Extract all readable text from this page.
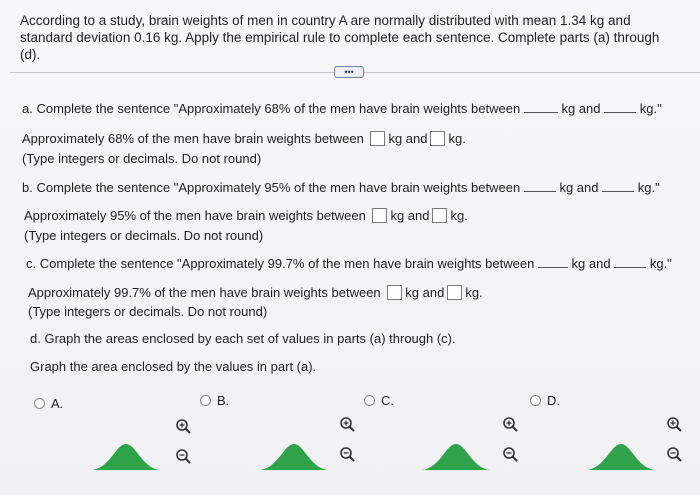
According to a study, brain weights of men in country A are normally distributed with mean 1.34 kg and standard deviation 0.16 kg. Apply the empirical rule to complete each sentence. Complete parts (a) through (d).
•••
a. Complete the sentence "Approximately 68% of the men have brain weights between	kg and	kg."
Approximately 68% of the men have brain weights between kg and kg.
(Type integers or decimals. Do not round)
b. Complete the sentence "Approximately 95% of the men have brain weights between	kg and	kg."
Approximately 95% of the men have brain weights between kg and kg.
(Type integers or decimals. Do not round)
c. Complete the sentence "Approximately 99.7% of the men have brain weights between	kg and	kg."
Approximately 99.7% of the men have brain weights between kg and kg.
(Type integers or decimals. Do not round)
d. Graph the areas enclosed by each set of values in parts (a) through (c).
Graph the area enclosed by the values in part (a).
A.	B.	C.	D.
